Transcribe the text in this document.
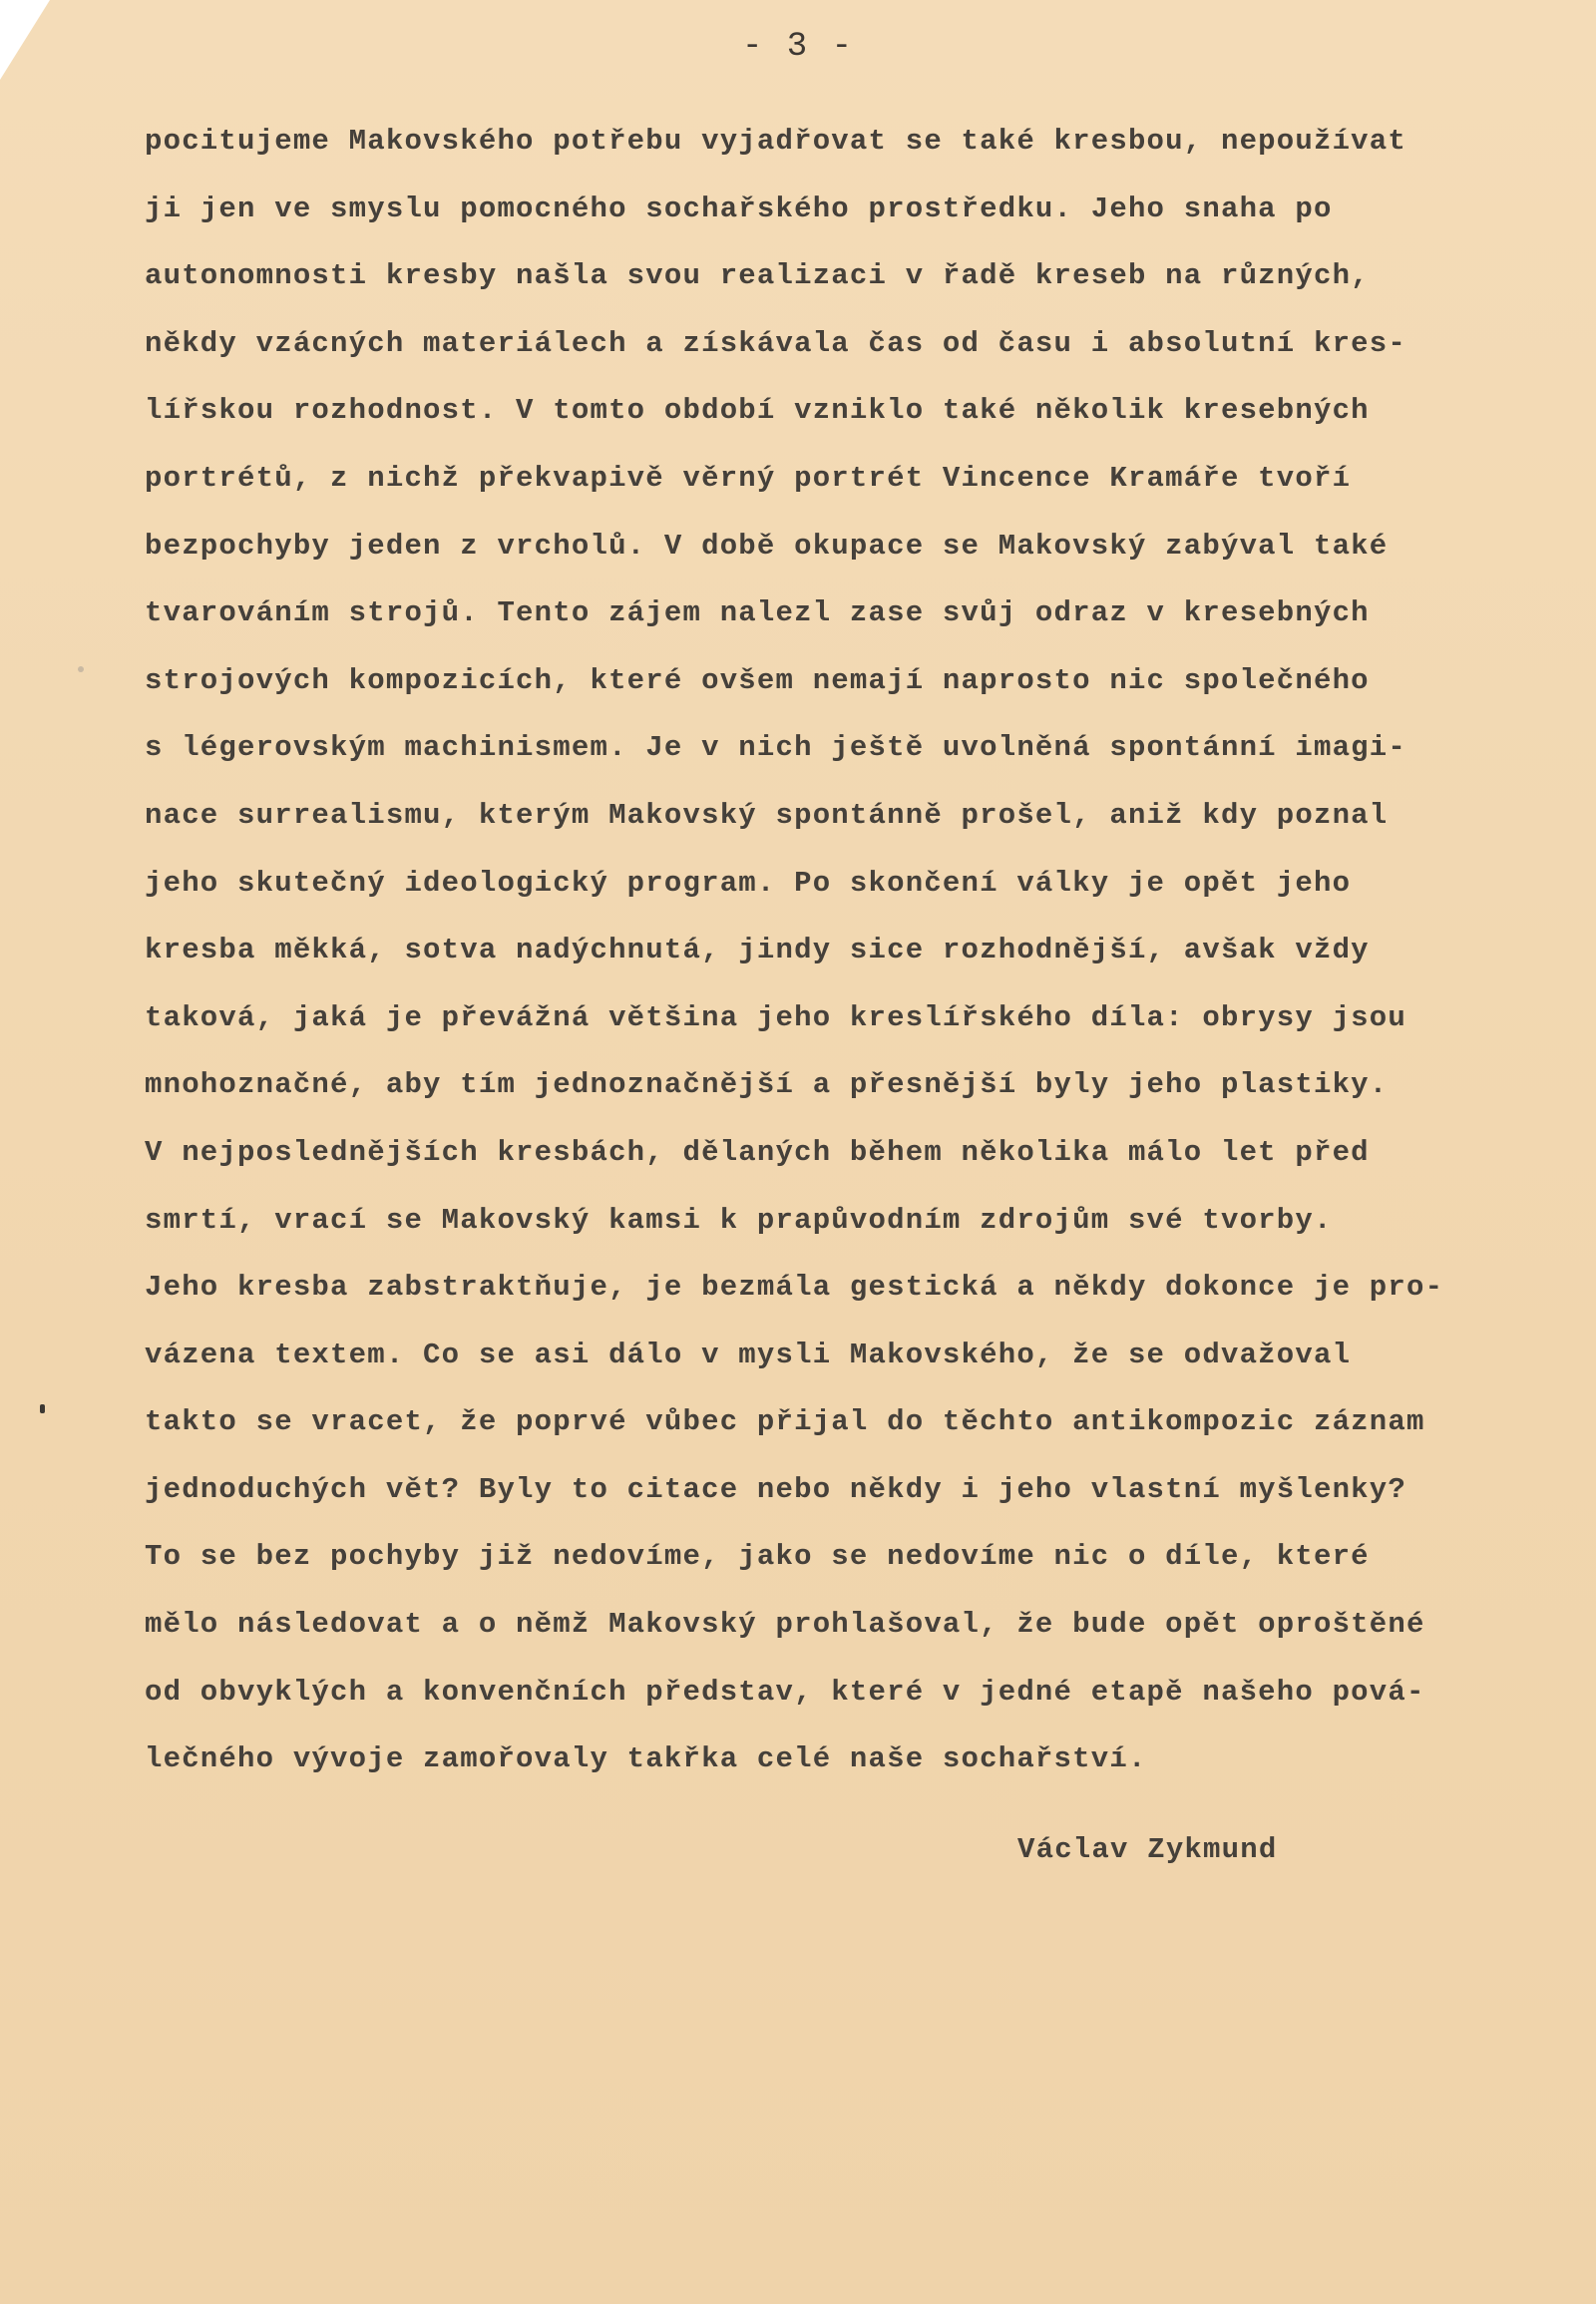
- 3 -
pocitujeme Makovského potřebu vyjadřovat se také kresbou, nepoužívat
ji jen ve smyslu pomocného sochařského prostředku. Jeho snaha po
autonomnosti kresby našla svou realizaci v řadě kreseb na různých,
někdy vzácných materiálech a získávala čas od času i absolutní kres-
lířskou rozhodnost. V tomto období vzniklo také několik kresebných
portrétů, z nichž překvapivě věrný portrét Vincence Kramáře tvoří
bezpochyby jeden z vrcholů. V době okupace se Makovský zabýval také
tvarováním strojů. Tento zájem nalezl zase svůj odraz v kresebných
strojových kompozicích, které ovšem nemají naprosto nic společného
s légerovským machinismem. Je v nich ještě uvolněná spontánní imagi-
nace surrealismu, kterým Makovský spontánně prošel, aniž kdy poznal
jeho skutečný ideologický program. Po skončení války je opět jeho
kresba měkká, sotva nadýchnutá, jindy sice rozhodnější, avšak vždy
taková, jaká je převážná většina jeho kreslířského díla: obrysy jsou
mnohoznačné, aby tím jednoznačnější a přesnější byly jeho plastiky.
V nejposlednějších kresbách, dělaných během několika málo let před
smrtí, vrací se Makovský kamsi k prapůvodním zdrojům své tvorby.
Jeho kresba zabstraktňuje, je bezmála gestická a někdy dokonce je pro-
vázena textem. Co se asi dálo v mysli Makovského, že se odvažoval
takto se vracet, že poprvé vůbec přijal do těchto antikompozic záznam
jednoduchých vět? Byly to citace nebo někdy i jeho vlastní myšlenky?
To se bez pochyby již nedovíme, jako se nedovíme nic o díle, které
mělo následovat a o němž Makovský prohlašoval, že bude opět oproštěné
od obvyklých a konvenčních představ, které v jedné etapě našeho pová-
lečného vývoje zamořovaly takřka celé naše sochařství.
Václav Zykmund
